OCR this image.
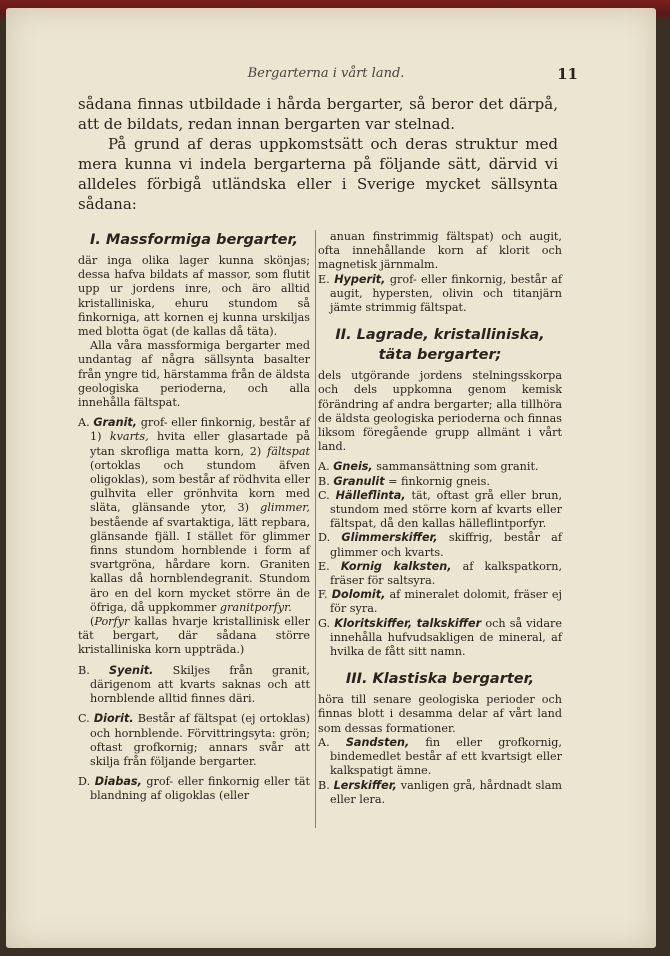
Bergarterna i vårt land.	11

sådana finnas utbildade i hårda bergarter, så beror det därpå, att de bildats, redan innan bergarten var stelnad.

På grund af deras uppkomstsätt och deras struktur med mera kunna vi indela bergarterna på följande sätt, därvid vi alldeles förbigå utländska eller i Sverige mycket sällsynta sådana:

I. Massformiga bergarter,

där inga olika lager kunna skönjas; dessa hafva bildats af massor, som flutit upp ur jordens inre, och äro alltid kristalliniska, ehuru stundom så finkorniga, att kornen ej kunna urskiljas med blotta ögat (de kallas då täta).

Alla våra massformiga bergarter med undantag af några sällsynta basalter från yngre tid, härstamma från de äldsta geologiska perioderna, och alla innehålla fältspat.

A. Granit, grof- eller finkornig, består af 1) kvarts, hvita eller glasartade på ytan skrofliga matta korn, 2) fältspat (ortoklas och stundom äfven oligoklas), som består af rödhvita eller gulhvita eller grönhvita korn med släta, glänsande ytor, 3) glimmer, bestående af svartaktiga, lätt repbara, glänsande fjäll. I stället för glimmer finns stundom hornblende i form af svartgröna, hårdare korn. Graniten kallas då hornblendegranit. Stundom äro en del korn mycket större än de öfriga, då uppkommer granitporfyr.

(Porfyr kallas hvarje kristallinisk eller tät bergart, där sådana större kristalliniska korn uppträda.)

B. Syenit. Skiljes från granit, därigenom att kvarts saknas och att hornblende alltid finnes däri.

C. Diorit. Består af fältspat (ej ortoklas) och hornblende. Förvittringsyta: grön; oftast grofkornig; annars svår att skilja från följande bergarter.

D. Diabas, grof- eller finkornig eller tät blandning af oligoklas (eller

anuan finstrimmig fältspat) och augit, ofta innehållande korn af klorit och magnetisk järnmalm.

E. Hyperit, grof- eller finkornig, består af augit, hypersten, olivin och titanjärn jämte strimmig fältspat.

II. Lagrade, kristalliniska, täta bergarter;

dels utgörande jordens stelningsskorpa och dels uppkomna genom kemisk förändring af andra bergarter; alla tillhöra de äldsta geologiska perioderna och finnas liksom föregående grupp allmänt i vårt land.

A. Gneis, sammansättning som granit.

B. Granulit = finkornig gneis.

C. Hälleflinta, tät, oftast grå eller brun, stundom med större korn af kvarts eller fältspat, då den kallas hälleflintporfyr.

D. Glimmerskiffer, skiffrig, består af glimmer och kvarts.

E. Kornig kalksten, af kalkspatkorn, fräser för saltsyra.

F. Dolomit, af mineralet dolomit, fräser ej för syra.

G. Kloritskiffer, talkskiffer och så vidare innehålla hufvudsakligen de mineral, af hvilka de fått sitt namn.

III. Klastiska bergarter,

höra till senare geologiska perioder och finnas blott i desamma delar af vårt land som dessas formationer.

A. Sandsten, fin eller grofkornig, bindemedlet består af ett kvartsigt eller kalkspatigt ämne.

B. Lerskiffer, vanligen grå, hårdnadt slam eller lera.
